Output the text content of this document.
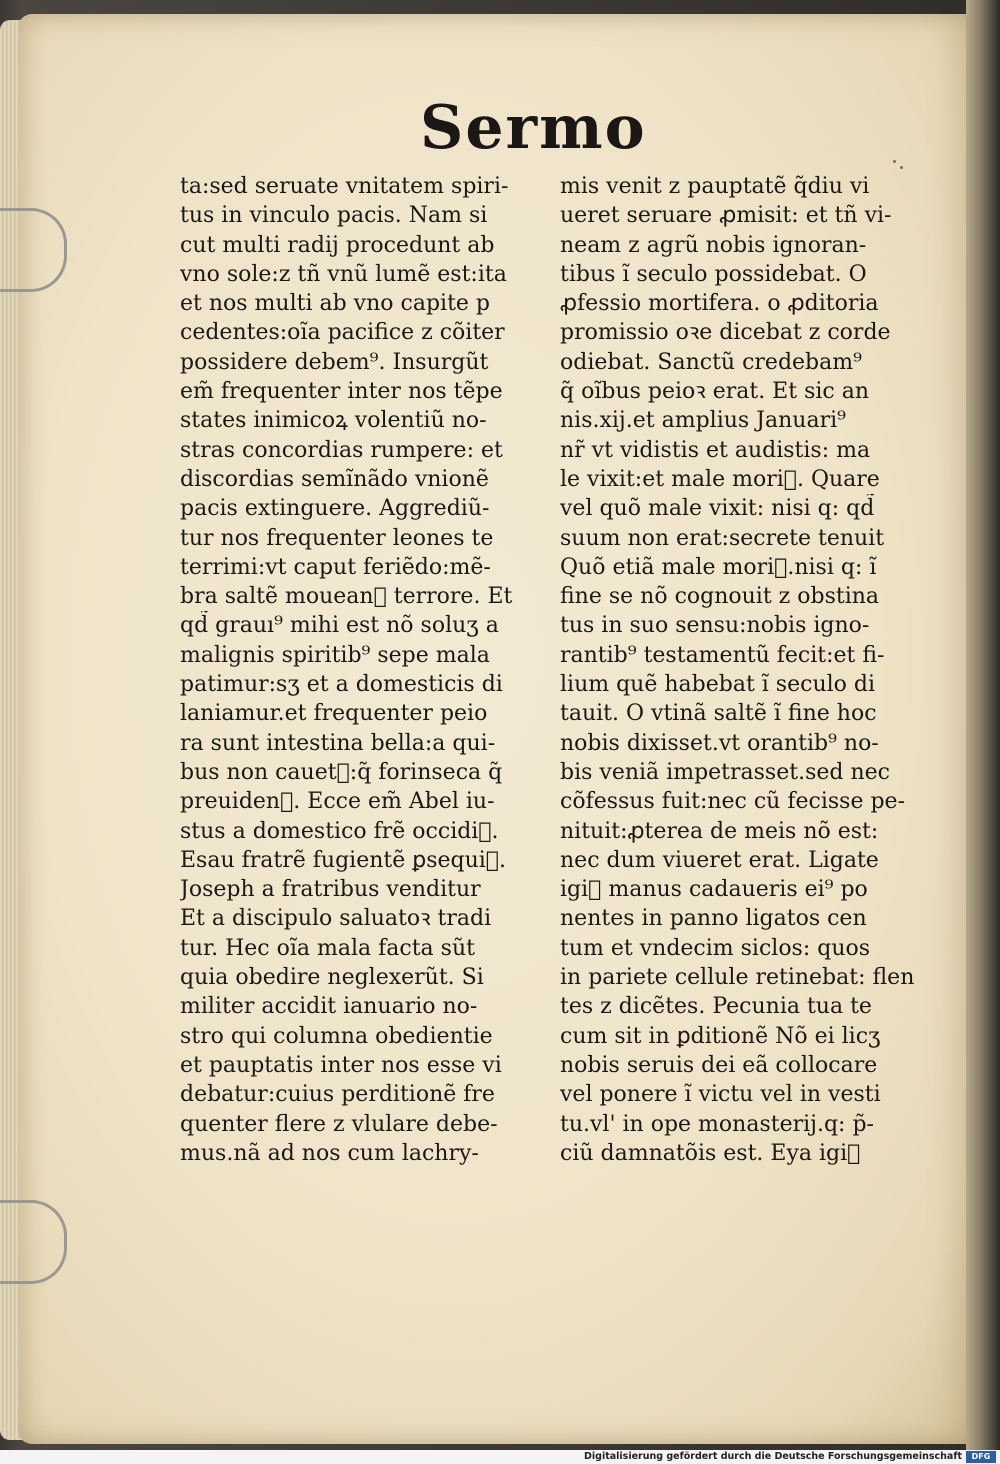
Sermo
ta:sed seruate vnitatem spiri-
tus in vinculo pacis. Nam si
cut multi radij procedunt ab
vno sole:z tñ vnũ lumẽ est:ita
et nos multi ab vno capite p
cedentes:oĩa pacifice z cõiter
possidere debem⁹. Insurgũt
em̃ frequenter inter nos tẽpe
states inimicoꝝ volentiũ no-
stras concordias rumpere: et
discordias semĩnãdo vnionẽ
pacis extinguere. Aggrediũ-
tur nos frequenter leones te
terrimi:vt caput feriẽdo:mẽ-
bra saltẽ moueanᷓ terrore. Et
qd̃ grauı⁹ mihi est nõ soluʒ a
malignis spiritib⁹ sepe mala
patimur:sʒ et a domesticis di
laniamur.et frequenter peio
ra sunt intestina bella:a qui-
bus non cauetᷓ:q̃ forinseca q̃
preuidenᷓ. Ecce em̃ Abel iu-
stus a domestico frẽ occidiᷓ.
Esau fratrẽ fugientẽ ꝑsequiᷓ.
Joseph a fratribus venditur
Et a discipulo saluatoꝛ tradi
tur. Hec oĩa mala facta sũt
quia obedire neglexerũt. Si
militer accidit ianuario no-
stro qui columna obedientie
et pauptatis inter nos esse vi
debatur:cuius perditionẽ fre
quenter flere z vlulare debe-
mus.nã ad nos cum lachry-
mis venit z pauptatẽ q̃diu vi
ueret seruare ꝓmisit: et tñ vi-
neam z agrũ nobis ignoran-
tibus ĩ seculo possidebat. O
ꝓfessio mortifera. o ꝓditoria
promissio oꝛe dicebat z corde
odiebat. Sanctũ credebam⁹
q̃ oĩbus peioꝛ erat. Et sic an
nis.xij.et amplius Januari⁹
nr̃ vt vidistis et audistis: ma
le vixit:et male moriᷓ. Quare
vel quõ male vixit: nisi q: qd̃
suum non erat:secrete tenuit
Quõ etiã male moriᷓ.nisi q: ĩ
fine se nõ cognouit z obstina
tus in suo sensu:nobis igno-
rantib⁹ testamentũ fecit:et fi-
lium quẽ habebat ĩ seculo di
tauit. O vtinã saltẽ ĩ fine hoc
nobis dixisset.vt orantib⁹ no-
bis veniã impetrasset.sed nec
cõfessus fuit:nec cũ fecisse pe-
nituit:ꝓterea de meis nõ est:
nec dum viueret erat. Ligate
igiᷓ manus cadaueris ei⁹ po
nentes in panno ligatos cen
tum et vndecim siclos: quos
in pariete cellule retinebat: flen
tes z dicẽtes. Pecunia tua te
cum sit in ꝑditionẽ Nõ ei licʒ
nobis seruis dei eã collocare
vel ponere ĩ victu vel in vesti
tu.vl' in ope monasterij.q: p̃-
ciũ damnatõis est. Eya igiᷓ
Digitalisierung gefördert durch die Deutsche Forschungsgemeinschaft	DFG
